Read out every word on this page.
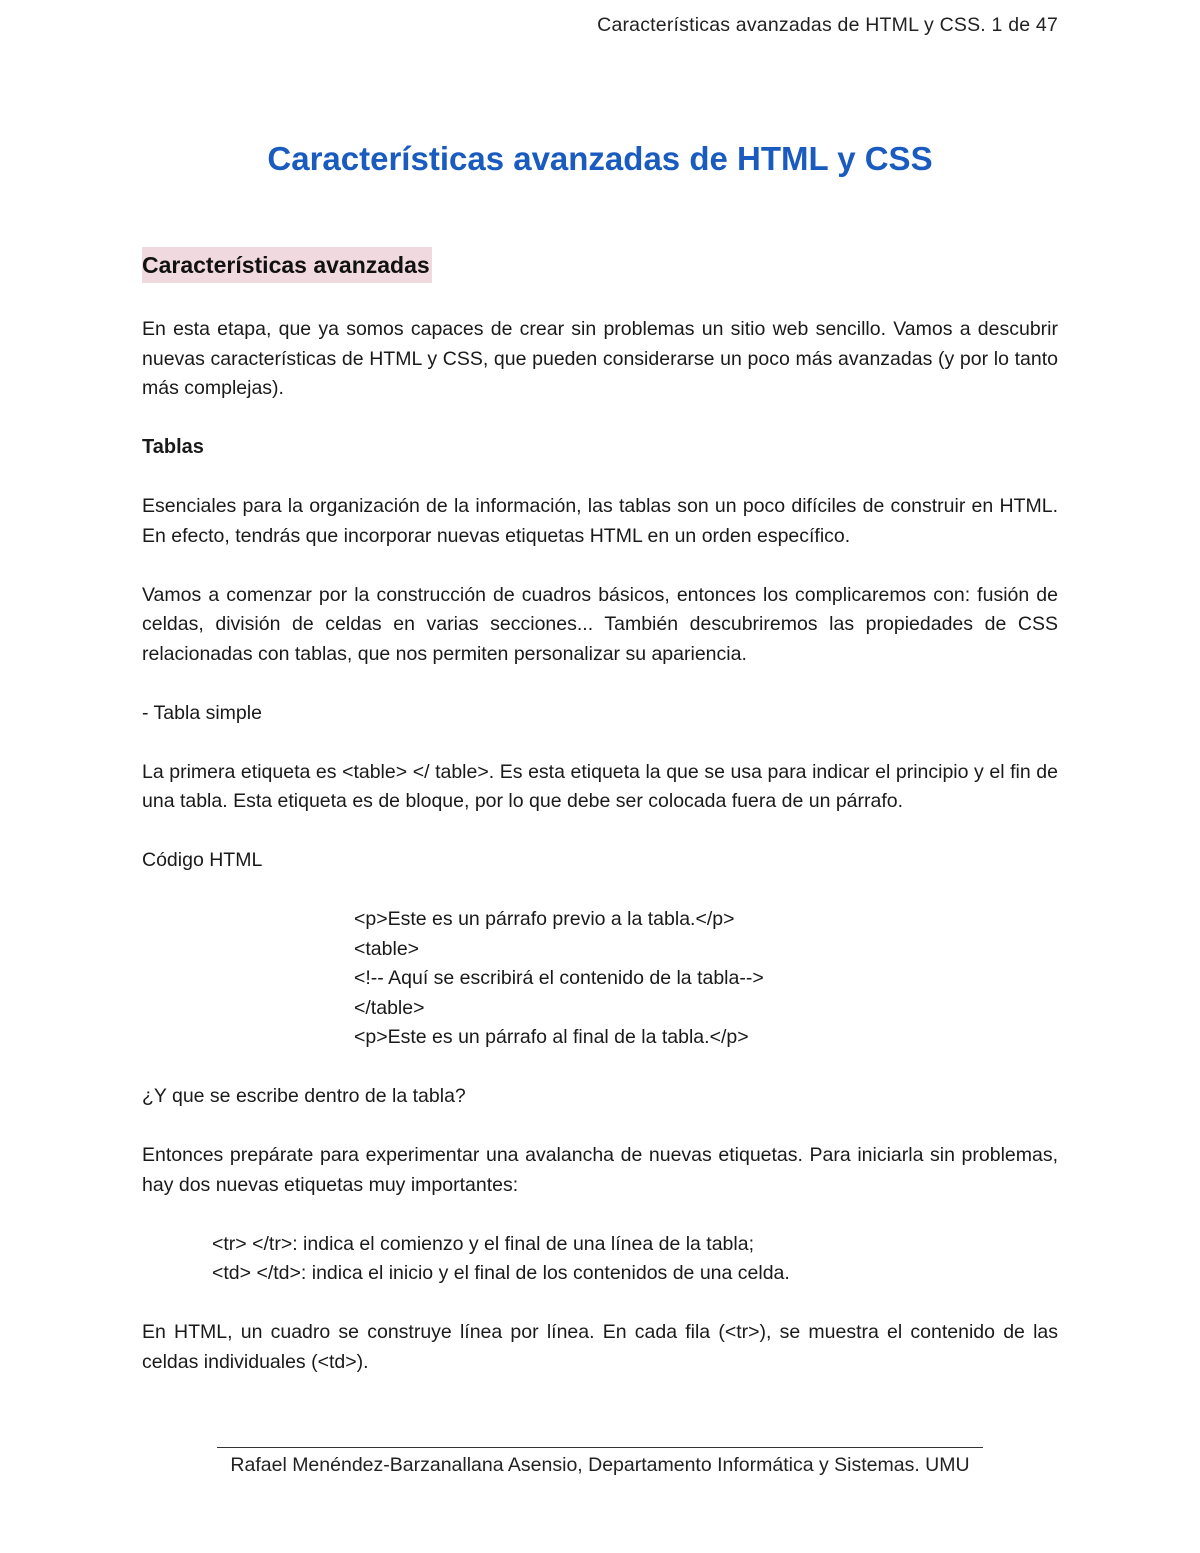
Características avanzadas de HTML y CSS. 1 de 47
Características avanzadas de HTML y CSS
Características avanzadas

En esta etapa, que ya somos capaces de crear sin problemas un sitio web sencillo. Vamos a descubrir nuevas características de HTML y CSS, que pueden considerarse un poco más avanzadas (y por lo tanto más complejas).

Tablas

Esenciales para la organización de la información, las tablas son un poco difíciles de construir en HTML. En efecto, tendrás que incorporar nuevas etiquetas HTML en un orden específico.

Vamos a comenzar por la construcción de cuadros básicos, entonces los complicaremos con: fusión de celdas, división de celdas en varias secciones... También descubriremos las propiedades de CSS relacionadas con tablas, que nos permiten personalizar su apariencia.

- Tabla simple

La primera etiqueta es <table> </ table>. Es esta etiqueta la que se usa para indicar el principio y el fin de una tabla. Esta etiqueta es de bloque, por lo que debe ser colocada fuera de un párrafo.

Código HTML

<p>Este es un párrafo previo a la tabla.</p>
<table>
<!-- Aquí se escribirá el contenido de la tabla-->
</table>
<p>Este es un párrafo al final de la tabla.</p>

¿Y que se escribe dentro de la tabla?

Entonces prepárate para experimentar una avalancha de nuevas etiquetas. Para iniciarla sin problemas, hay dos nuevas etiquetas muy importantes:

<tr> </tr>: indica el comienzo y el final de una línea de la tabla;
<td> </td>: indica el inicio y el final de los contenidos de una celda.

En HTML, un cuadro se construye línea por línea. En cada fila (<tr>), se muestra el contenido de las celdas individuales (<td>).

Rafael Menéndez-Barzanallana Asensio, Departamento Informática y Sistemas. UMU
